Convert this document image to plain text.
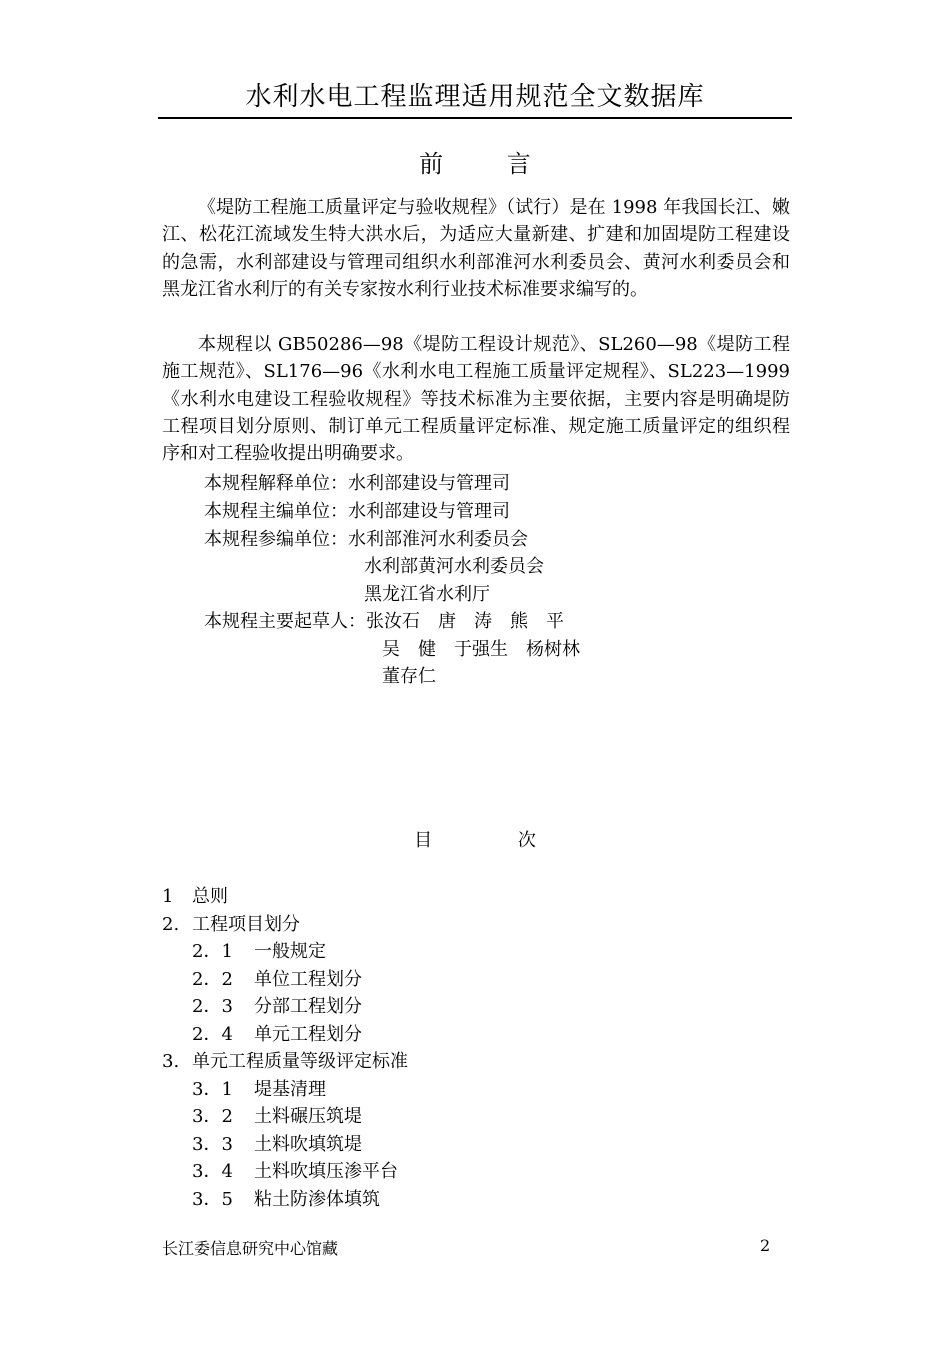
水利水电工程监理适用规范全文数据库
前 言

《堤防工程施工质量评定与验收规程》（试行）是在 1998 年我国长江、嫩江、松花江流域发生特大洪水后，为适应大量新建、扩建和加固堤防工程建设的急需，水利部建设与管理司组织水利部淮河水利委员会、黄河水利委员会和黑龙江省水利厅的有关专家按水利行业技术标准要求编写的。

本规程以 GB50286—98《堤防工程设计规范》、SL260—98《堤防工程施工规范》、SL176—96《水利水电工程施工质量评定规程》、SL223—1999《水利水电建设工程验收规程》等技术标准为主要依据，主要内容是明确堤防工程项目划分原则、制订单元工程质量评定标准、规定施工质量评定的组织程序和对工程验收提出明确要求。

本规程解释单位：水利部建设与管理司
本规程主编单位：水利部建设与管理司
本规程参编单位：水利部淮河水利委员会
水利部黄河水利委员会
黑龙江省水利厅
本规程主要起草人：张汝石　唐　涛　熊　平
吴　健　于强生　杨树林
董存仁
目 次
1 总则
2. 工程项目划分
2．1 一般规定
2．2 单位工程划分
2．3 分部工程划分
2．4 单元工程划分
3. 单元工程质量等级评定标准
3．1 堤基清理
3．2 土料碾压筑堤
3．3 土料吹填筑堤
3．4 土料吹填压渗平台
3．5 粘土防渗体填筑
长江委信息研究中心馆藏	2
